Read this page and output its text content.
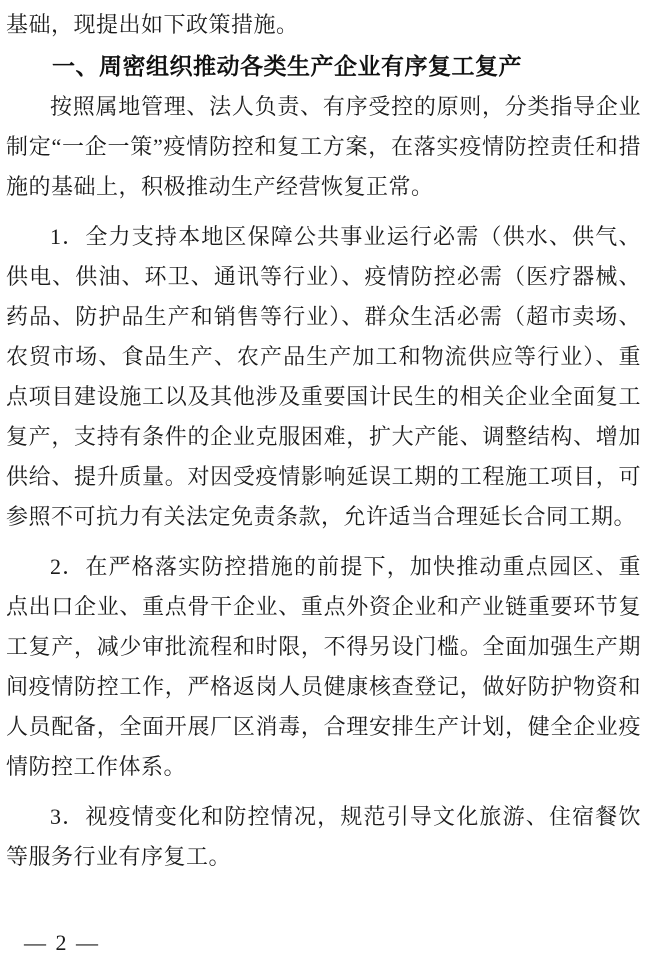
基础，现提出如下政策措施。

一、周密组织推动各类生产企业有序复工复产

按照属地管理、法人负责、有序受控的原则，分类指导企业制定“一企一策”疫情防控和复工方案，在落实疫情防控责任和措施的基础上，积极推动生产经营恢复正常。

1．全力支持本地区保障公共事业运行必需（供水、供气、供电、供油、环卫、通讯等行业）、疫情防控必需（医疗器械、药品、防护品生产和销售等行业）、群众生活必需（超市卖场、农贸市场、食品生产、农产品生产加工和物流供应等行业）、重点项目建设施工以及其他涉及重要国计民生的相关企业全面复工复产，支持有条件的企业克服困难，扩大产能、调整结构、增加供给、提升质量。对因受疫情影响延误工期的工程施工项目，可参照不可抗力有关法定免责条款，允许适当合理延长合同工期。

2．在严格落实防控措施的前提下，加快推动重点园区、重点出口企业、重点骨干企业、重点外资企业和产业链重要环节复工复产，减少审批流程和时限，不得另设门槛。全面加强生产期间疫情防控工作，严格返岗人员健康核查登记，做好防护物资和人员配备，全面开展厂区消毒，合理安排生产计划，健全企业疫情防控工作体系。

3．视疫情变化和防控情况，规范引导文化旅游、住宿餐饮等服务行业有序复工。

— 2 —
